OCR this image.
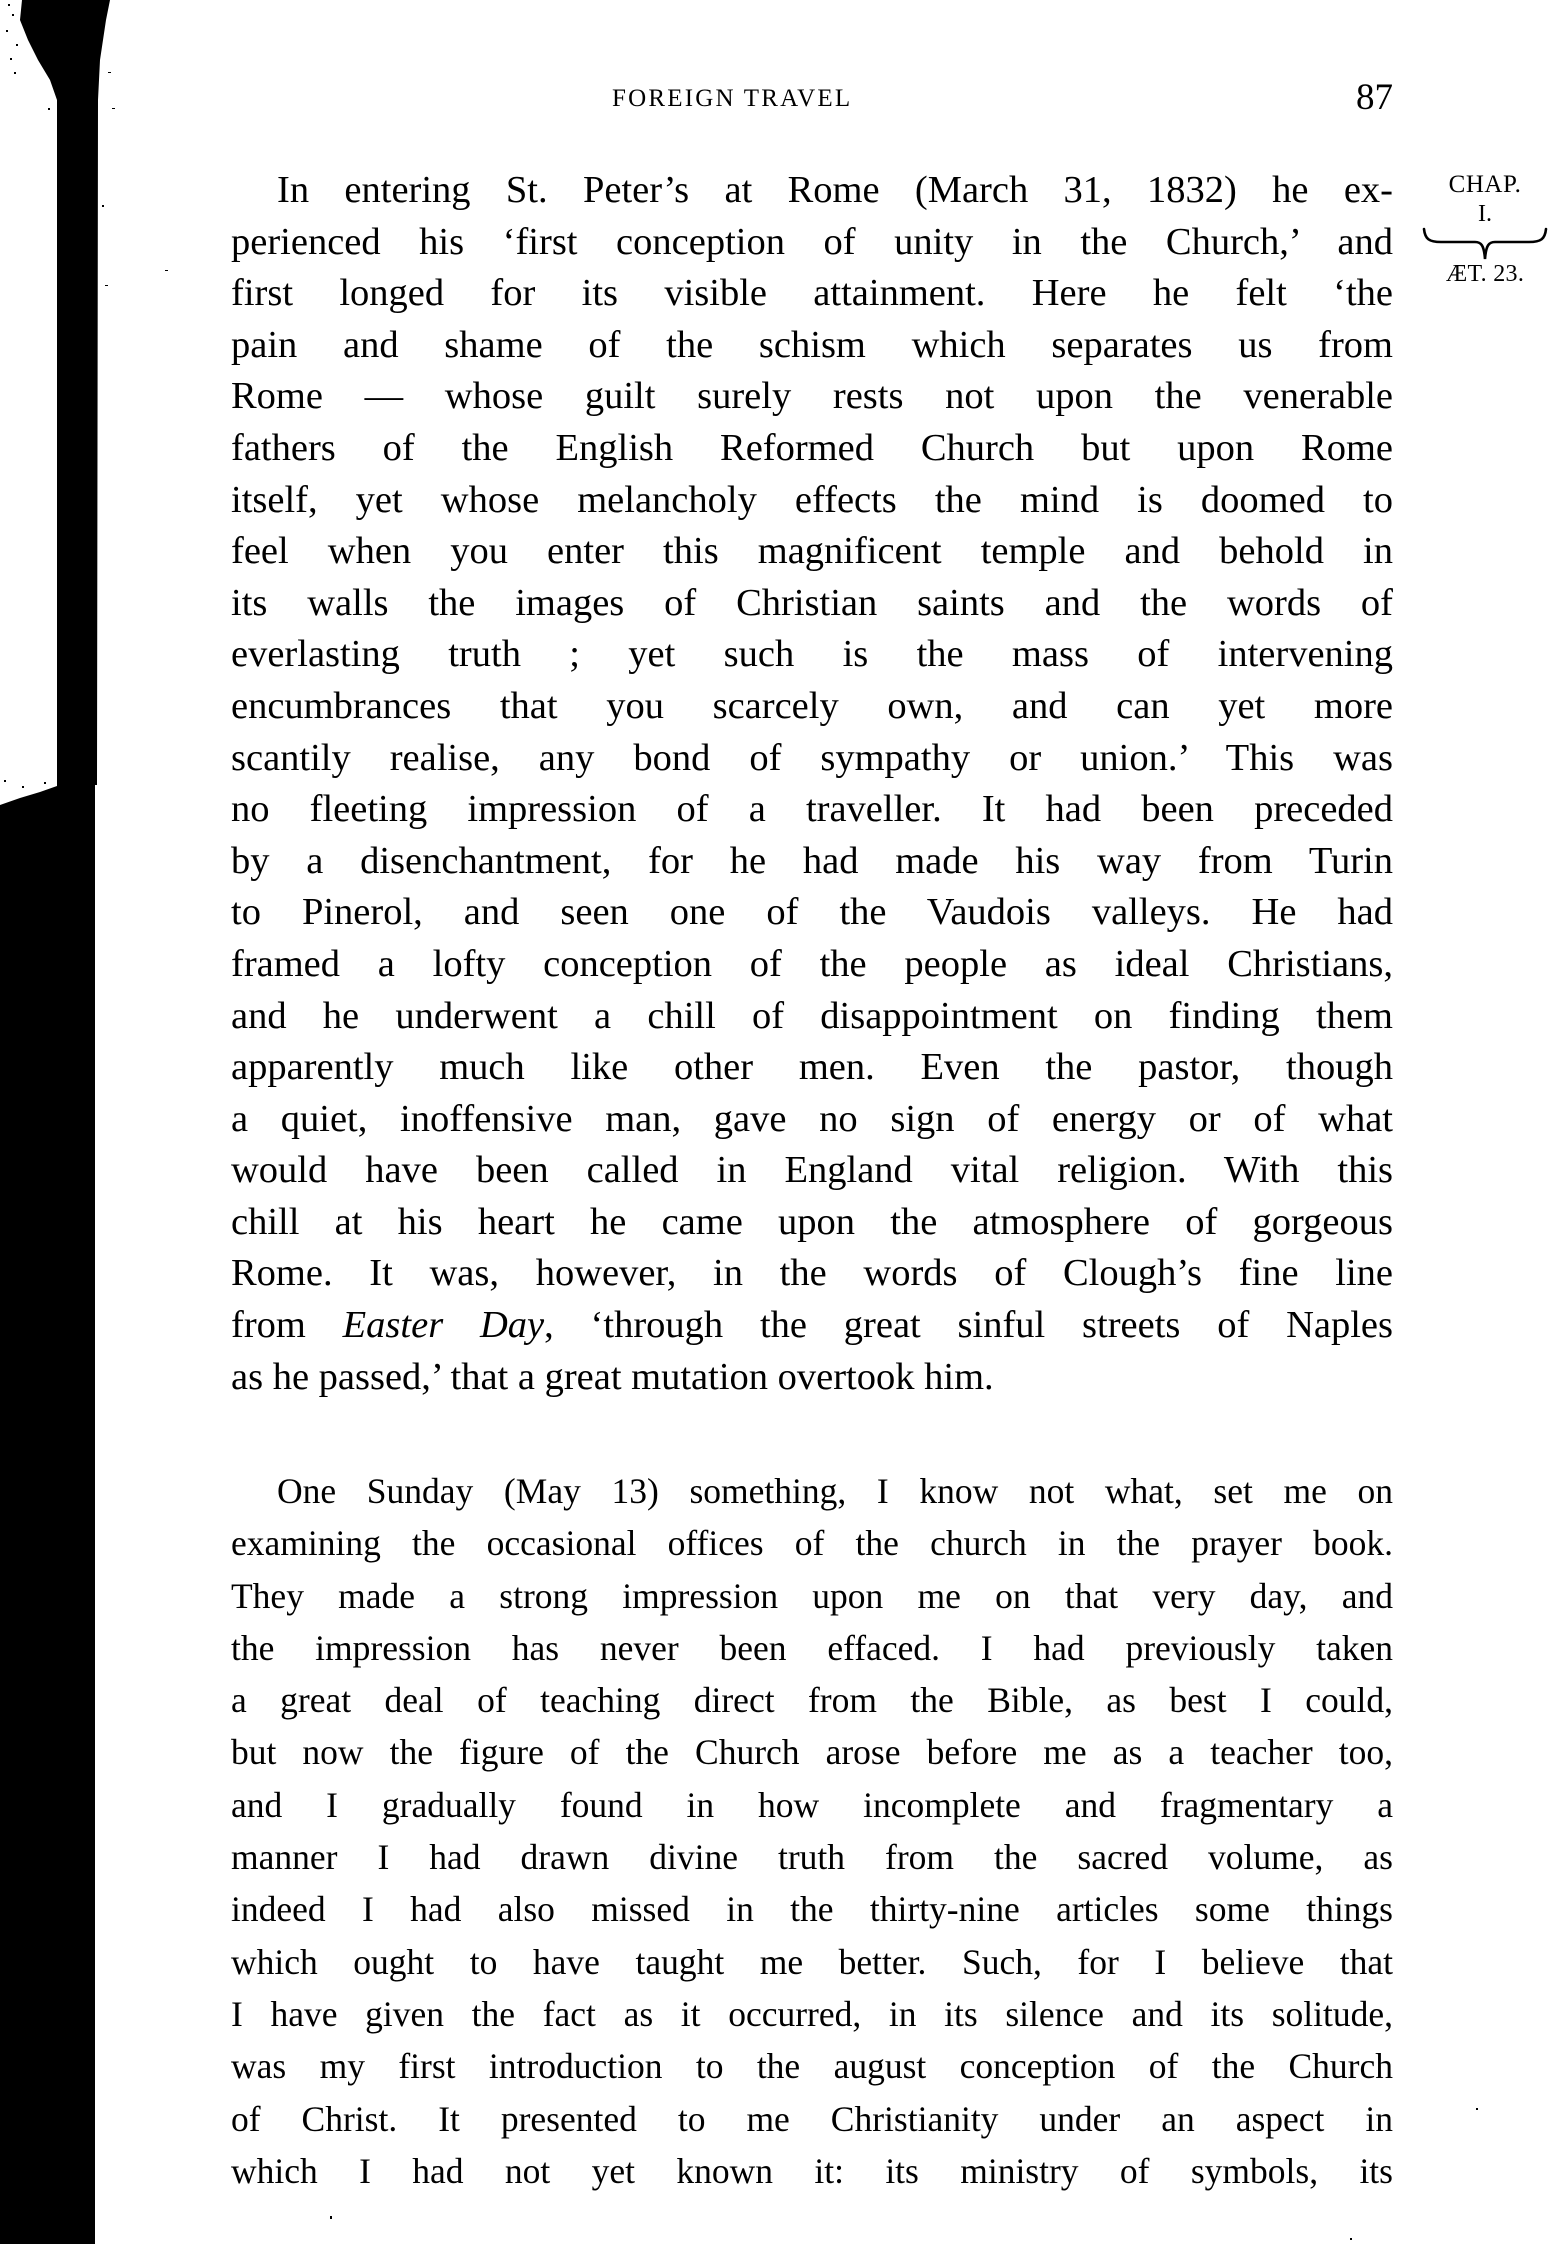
FOREIGN TRAVEL	87
CHAP.
I.
ÆT. 23.
In entering St. Peter’s at Rome (March 31, 1832) he ex-
perienced his ‘first conception of unity in the Church,’ and
first longed for its visible attainment. Here he felt ‘the
pain and shame of the schism which separates us from
Rome — whose guilt surely rests not upon the venerable
fathers of the English Reformed Church but upon Rome
itself, yet whose melancholy effects the mind is doomed to
feel when you enter this magnificent temple and behold in
its walls the images of Christian saints and the words of
everlasting truth ; yet such is the mass of intervening
encumbrances that you scarcely own, and can yet more
scantily realise, any bond of sympathy or union.’ This was
no fleeting impression of a traveller. It had been preceded
by a disenchantment, for he had made his way from Turin
to Pinerol, and seen one of the Vaudois valleys. He had
framed a lofty conception of the people as ideal Christians,
and he underwent a chill of disappointment on finding them
apparently much like other men. Even the pastor, though
a quiet, inoffensive man, gave no sign of energy or of what
would have been called in England vital religion. With this
chill at his heart he came upon the atmosphere of gorgeous
Rome. It was, however, in the words of Clough’s fine line
from Easter Day, ‘through the great sinful streets of Naples
as he passed,’ that a great mutation overtook him.
One Sunday (May 13) something, I know not what, set me on
examining the occasional offices of the church in the prayer book.
They made a strong impression upon me on that very day, and
the impression has never been effaced. I had previously taken
a great deal of teaching direct from the Bible, as best I could,
but now the figure of the Church arose before me as a teacher too,
and I gradually found in how incomplete and fragmentary a
manner I had drawn divine truth from the sacred volume, as
indeed I had also missed in the thirty-nine articles some things
which ought to have taught me better. Such, for I believe that
I have given the fact as it occurred, in its silence and its solitude,
was my first introduction to the august conception of the Church
of Christ. It presented to me Christianity under an aspect in
which I had not yet known it: its ministry of symbols, its
